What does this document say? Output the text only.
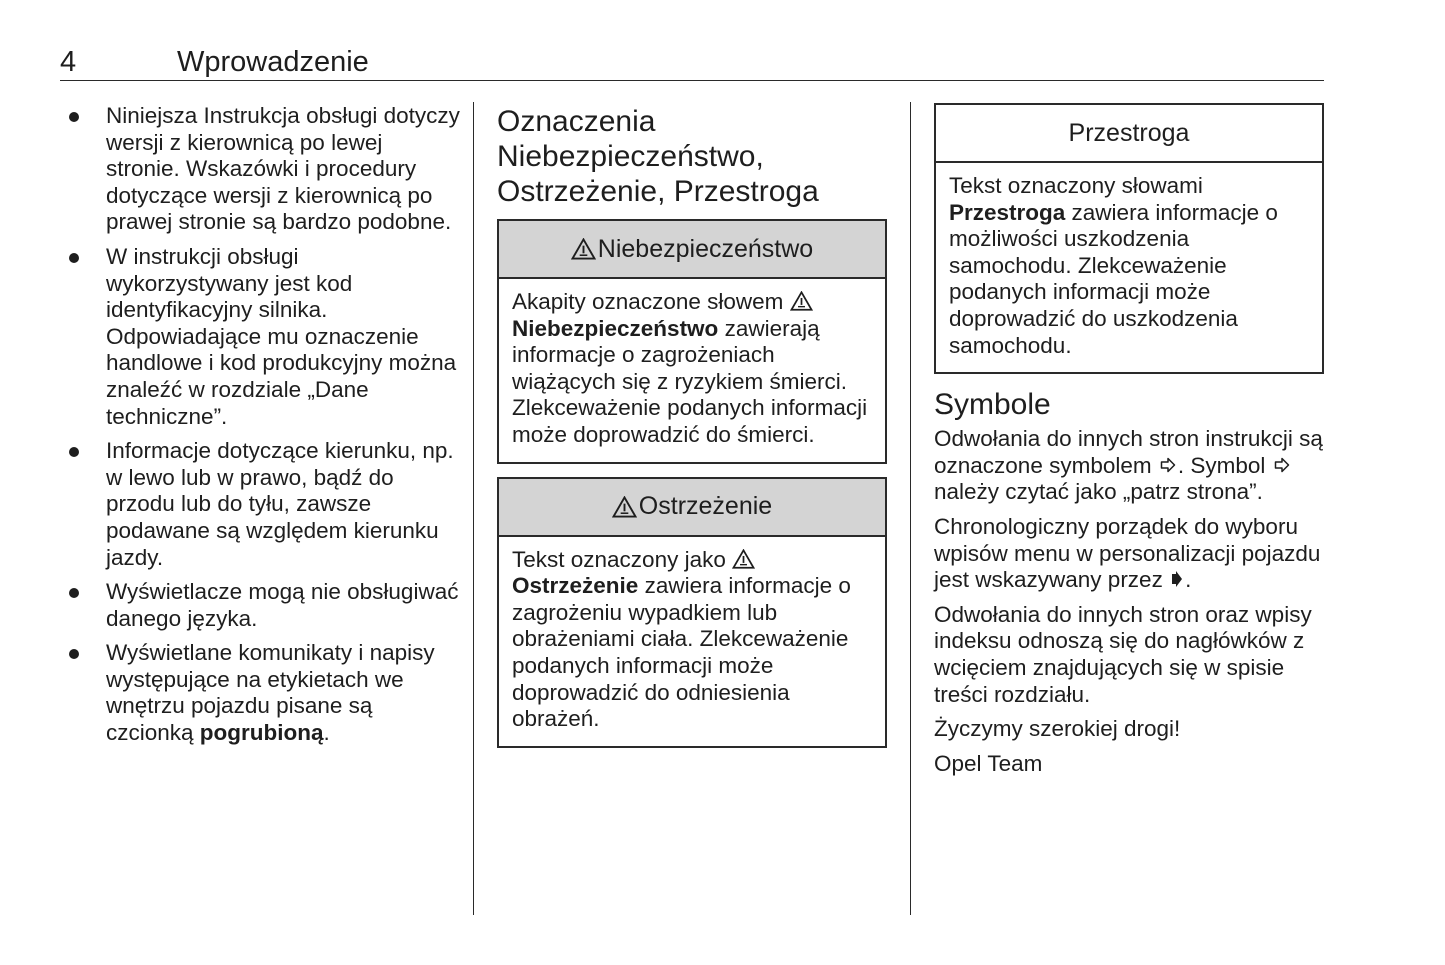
4	Wprowadzenie
Niniejsza Instrukcja obsługi dotyczy wersji z kierownicą po lewej stronie. Wskazówki i procedury dotyczące wersji z kierownicą po prawej stronie są bardzo podobne.
W instrukcji obsługi wykorzystywany jest kod identyfikacyjny silnika. Odpowiadające mu oznaczenie handlowe i kod produkcyjny można znaleźć w rozdziale „Dane techniczne”.
Informacje dotyczące kierunku, np. w lewo lub w prawo, bądź do przodu lub do tyłu, zawsze podawane są względem kierunku jazdy.
Wyświetlacze mogą nie obsługiwać danego języka.
Wyświetlane komunikaty i napisy występujące na etykietach we wnętrzu pojazdu pisane są czcionką pogrubioną.
Oznaczenia
Niebezpieczeństwo,
Ostrzeżenie, Przestroga
Niebezpieczeństwo
Akapity oznaczone słowem Niebezpieczeństwo zawierają informacje o zagrożeniach wiążących się z ryzykiem śmierci. Zlekceważenie podanych informacji może doprowadzić do śmierci.
Ostrzeżenie
Tekst oznaczony jako Ostrzeżenie zawiera informacje o zagrożeniu wypadkiem lub obrażeniami ciała. Zlekceważenie podanych informacji może doprowadzić do odniesienia obrażeń.
Przestroga
Tekst oznaczony słowami Przestroga zawiera informacje o możliwości uszkodzenia samochodu. Zlekceważenie podanych informacji może doprowadzić do uszkodzenia samochodu.
Symbole

Odwołania do innych stron instrukcji są oznaczone symbolem . Symbol  należy czytać jako „patrz strona”.

Chronologiczny porządek do wyboru wpisów menu w personalizacji pojazdu jest wskazywany przez .

Odwołania do innych stron oraz wpisy indeksu odnoszą się do nagłówków z wcięciem znajdujących się w spisie treści rozdziału.

Życzymy szerokiej drogi!

Opel Team
